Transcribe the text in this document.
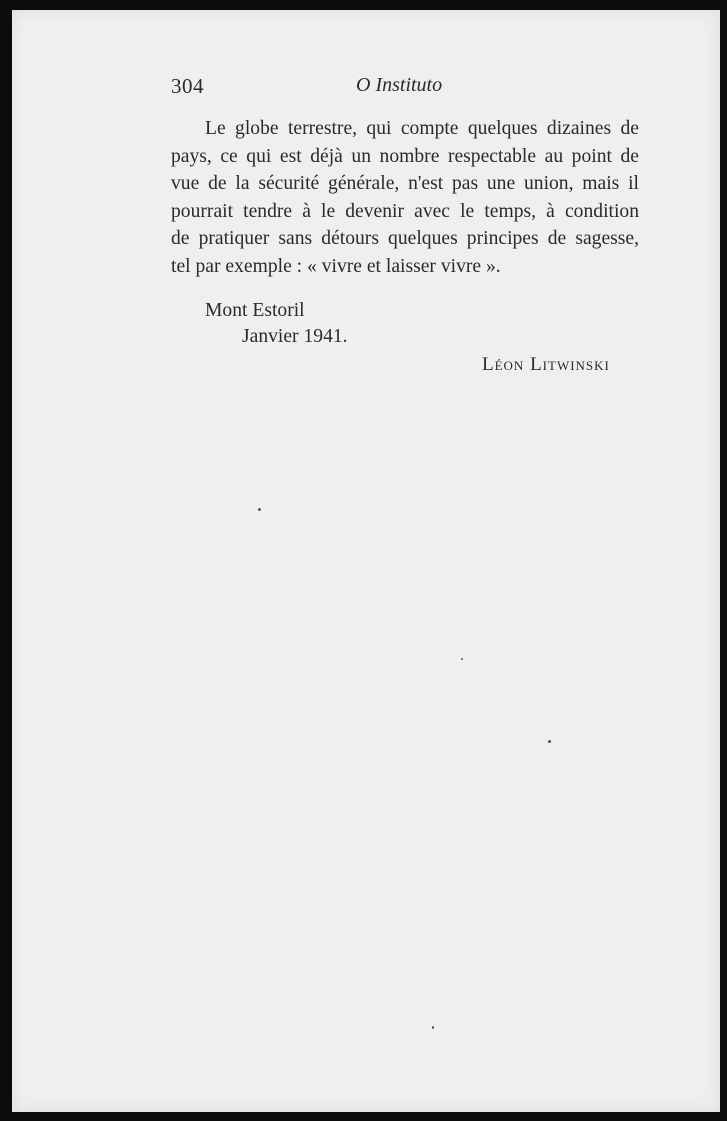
304	O Instituto
Le globe terrestre, qui compte quelques dizaines de
pays, ce qui est déjà un nombre respectable au point de
vue de la sécurité générale, n'est pas une union, mais il
pourrait tendre à le devenir avec le temps, à condition
de pratiquer sans détours quelques principes de sagesse,
tel par exemple : « vivre et laisser vivre ».
Mont Estoril
Janvier 1941.
Léon Litwinski
